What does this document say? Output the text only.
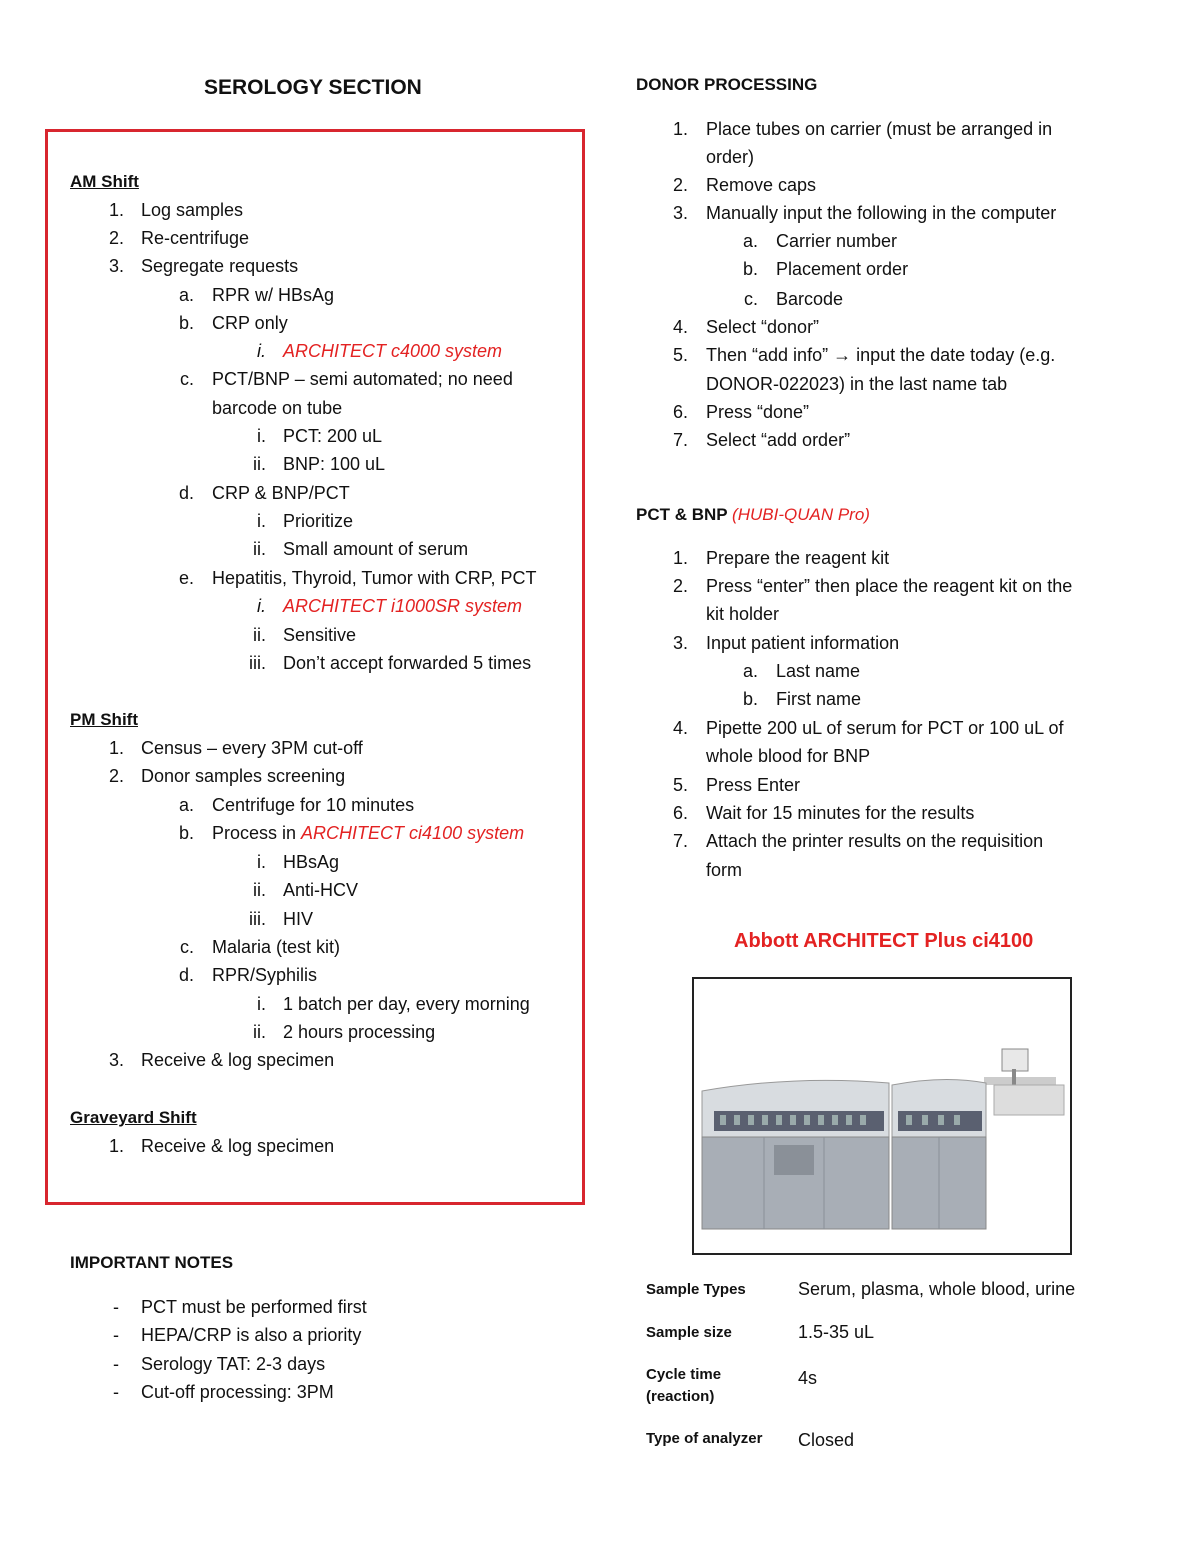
SEROLOGY SECTION
AM Shift
1. Log samples
2. Re-centrifuge
3. Segregate requests
a. RPR w/ HBsAg
b. CRP only
i. ARCHITECT c4000 system
c. PCT/BNP – semi automated; no need
barcode on tube
i. PCT: 200 uL
ii. BNP: 100 uL
d. CRP & BNP/PCT
i. Prioritize
ii. Small amount of serum
e. Hepatitis, Thyroid, Tumor with CRP, PCT
i. ARCHITECT i1000SR system
ii. Sensitive
iii. Don’t accept forwarded 5 times
PM Shift
1. Census – every 3PM cut-off
2. Donor samples screening
a. Centrifuge for 10 minutes
b. Process in ARCHITECT ci4100 system
i. HBsAg
ii. Anti-HCV
iii. HIV
c. Malaria (test kit)
d. RPR/Syphilis
i. 1 batch per day, every morning
ii. 2 hours processing
3. Receive & log specimen
Graveyard Shift
1. Receive & log specimen
IMPORTANT NOTES
- PCT must be performed first
- HEPA/CRP is also a priority
- Serology TAT: 2-3 days
- Cut-off processing: 3PM
DONOR PROCESSING
1. Place tubes on carrier (must be arranged in
order)
2. Remove caps
3. Manually input the following in the computer
a. Carrier number
b. Placement order
c. Barcode
4. Select “donor”
5. Then “add info” → input the date today (e.g.
DONOR-022023) in the last name tab
6. Press “done”
7. Select “add order”
PCT & BNP (HUBI-QUAN Pro)
1. Prepare the reagent kit
2. Press “enter” then place the reagent kit on the
kit holder
3. Input patient information
a. Last name
b. First name
4. Pipette 200 uL of serum for PCT or 100 uL of
whole blood for BNP
5. Press Enter
6. Wait for 15 minutes for the results
7. Attach the printer results on the requisition
form
Abbott ARCHITECT Plus ci4100
Sample Types	Serum, plasma, whole blood, urine
Sample size	1.5-35 uL
Cycle time
(reaction)
4s
Type of analyzer Closed
